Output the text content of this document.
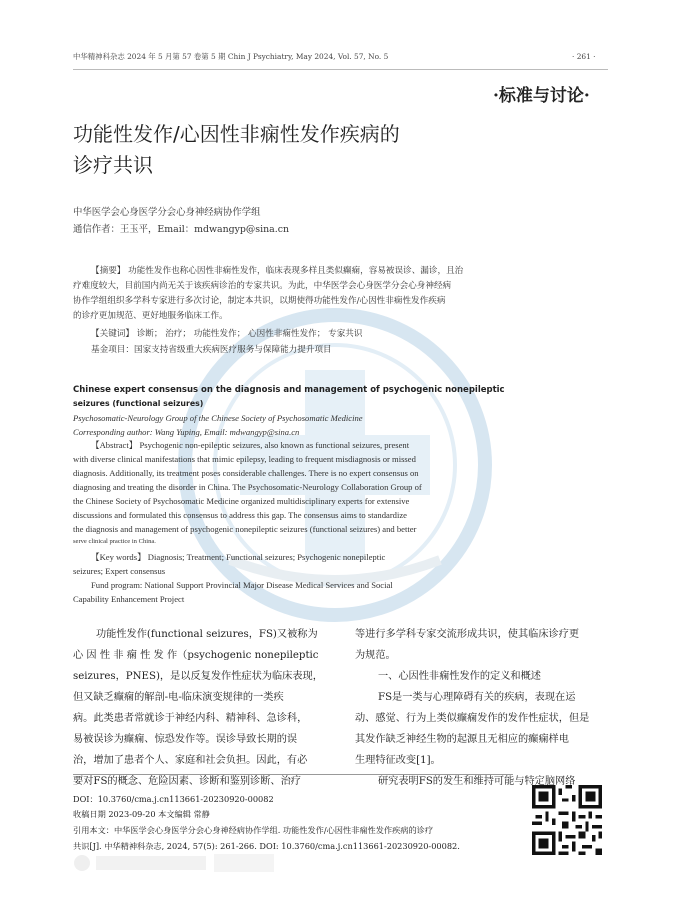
中华精神科杂志 2024 年 5 月第 57 卷第 5 期 Chin J Psychiatry, May 2024, Vol. 57, No. 5	· 261 ·
·标准与讨论·
功能性发作/心因性非痫性发作疾病的
诊疗共识
中华医学会心身医学分会心身神经病协作学组
通信作者：王玉平，Email：mdwangyp@sina.cn
【摘要】 功能性发作也称心因性非痫性发作，临床表现多样且类似癫痫，容易被误诊、漏诊，且治
疗难度较大，目前国内尚无关于该疾病诊治的专家共识。为此，中华医学会心身医学分会心身神经病
协作学组组织多学科专家进行多次讨论，制定本共识，以期使得功能性发作/心因性非痫性发作疾病
的诊疗更加规范、更好地服务临床工作。
【关键词】 诊断； 治疗； 功能性发作； 心因性非痫性发作； 专家共识
基金项目：国家支持省级重大疾病医疗服务与保障能力提升项目
Chinese expert consensus on the diagnosis and management of psychogenic nonepileptic
seizures (functional seizures)
Psychosomatic-Neurology Group of the Chinese Society of Psychosomatic Medicine
Corresponding author: Wang Yuping, Email: mdwangyp@sina.cn
【Abstract】 Psychogenic non-epileptic seizures, also known as functional seizures, present
with diverse clinical manifestations that mimic epilepsy, leading to frequent misdiagnosis or missed
diagnosis. Additionally, its treatment poses considerable challenges. There is no expert consensus on
diagnosing and treating the disorder in China. The Psychosomatic-Neurology Collaboration Group of
the Chinese Society of Psychosomatic Medicine organized multidisciplinary experts for extensive
discussions and formulated this consensus to address this gap. The consensus aims to standardize
the diagnosis and management of psychogenic nonepileptic seizures (functional seizures) and better
serve clinical practice in China.
【Key words】 Diagnosis; Treatment; Functional seizures; Psychogenic nonepileptic
seizures; Expert consensus
Fund program: National Support Provincial Major Disease Medical Services and Social
Capability Enhancement Project
功能性发作(functional seizures，FS)又被称为
心 因 性 非 痫 性 发 作（psychogenic nonepileptic
seizures，PNES)，是以反复发作性症状为临床表现，
但又缺乏癫痫的解剖-电-临床演变规律的一类疾
病。此类患者常就诊于神经内科、精神科、急诊科，
易被误诊为癫痫、惊恐发作等。误诊导致长期的误
治，增加了患者个人、家庭和社会负担。因此，有必
要对FS的概念、危险因素、诊断和鉴别诊断、治疗
等进行多学科专家交流形成共识，使其临床诊疗更
为规范。
一、心因性非痫性发作的定义和概述
FS是一类与心理障碍有关的疾病，表现在运
动、感觉、行为上类似癫痫发作的发作性症状，但是
其发作缺乏神经生物的起源且无相应的癫痫样电
生理特征改变[1]。
研究表明FS的发生和维持可能与特定脑网络
DOI：10.3760/cma.j.cn113661-20230920-00082
收稿日期 2023-09-20 本文编辑 常静
引用本文：中华医学会心身医学分会心身神经病协作学组. 功能性发作/心因性非痫性发作疾病的诊疗
共识[J]. 中华精神科杂志, 2024, 57(5): 261-266. DOI: 10.3760/cma.j.cn113661-20230920-00082.
